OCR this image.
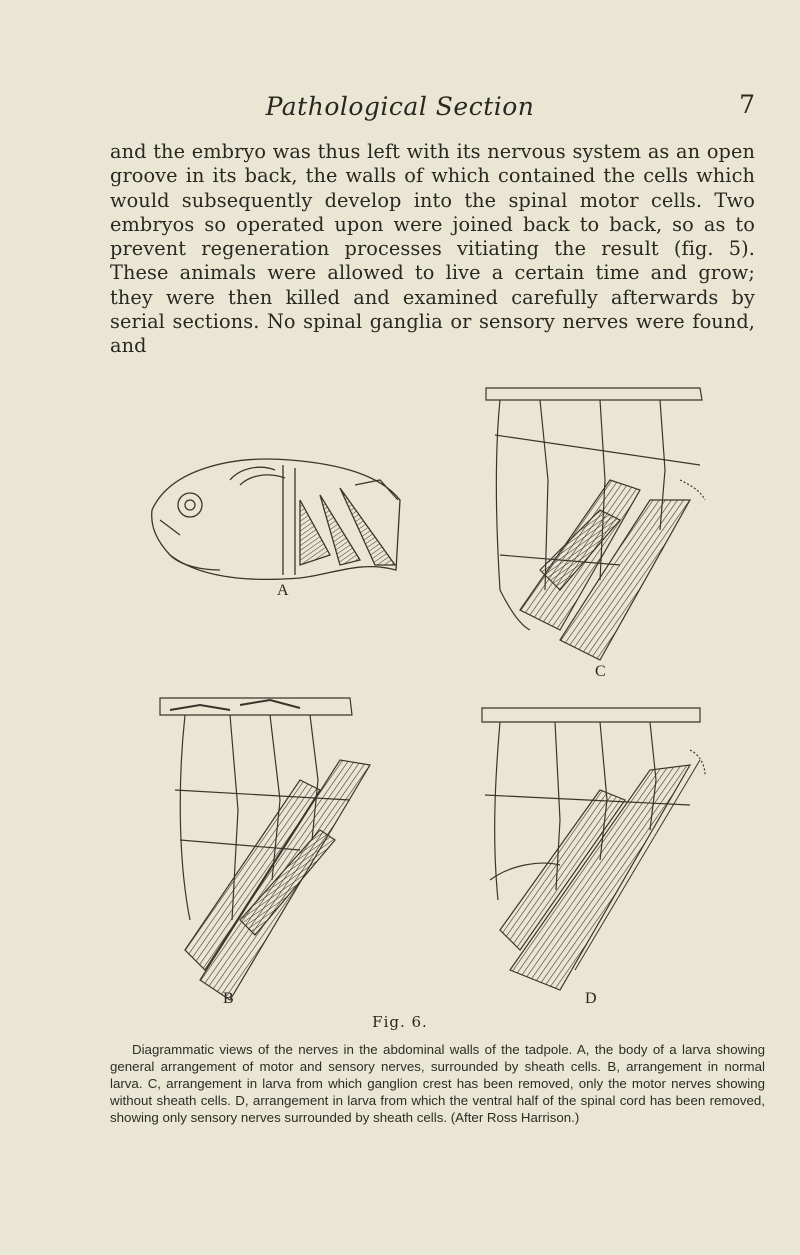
Pathological Section	7
and the embryo was thus left with its nervous system as an open groove in its back, the walls of which contained the cells which would subsequently develop into the spinal motor cells. Two embryos so operated upon were joined back to back, so as to prevent regeneration processes vitiating the result (fig. 5). These animals were allowed to live a certain time and grow; they were then killed and examined carefully afterwards by serial sections. No spinal ganglia or sensory nerves were found, and
A
B
C
D
Fig. 6.
Diagrammatic views of the nerves in the abdominal walls of the tadpole. A, the body of a larva showing general arrangement of motor and sensory nerves, surrounded by sheath cells. B, arrangement in normal larva. C, arrangement in larva from which ganglion crest has been removed, only the motor nerves showing without sheath cells. D, arrangement in larva from which the ventral half of the spinal cord has been removed, showing only sensory nerves surrounded by sheath cells. (After Ross Harrison.)
